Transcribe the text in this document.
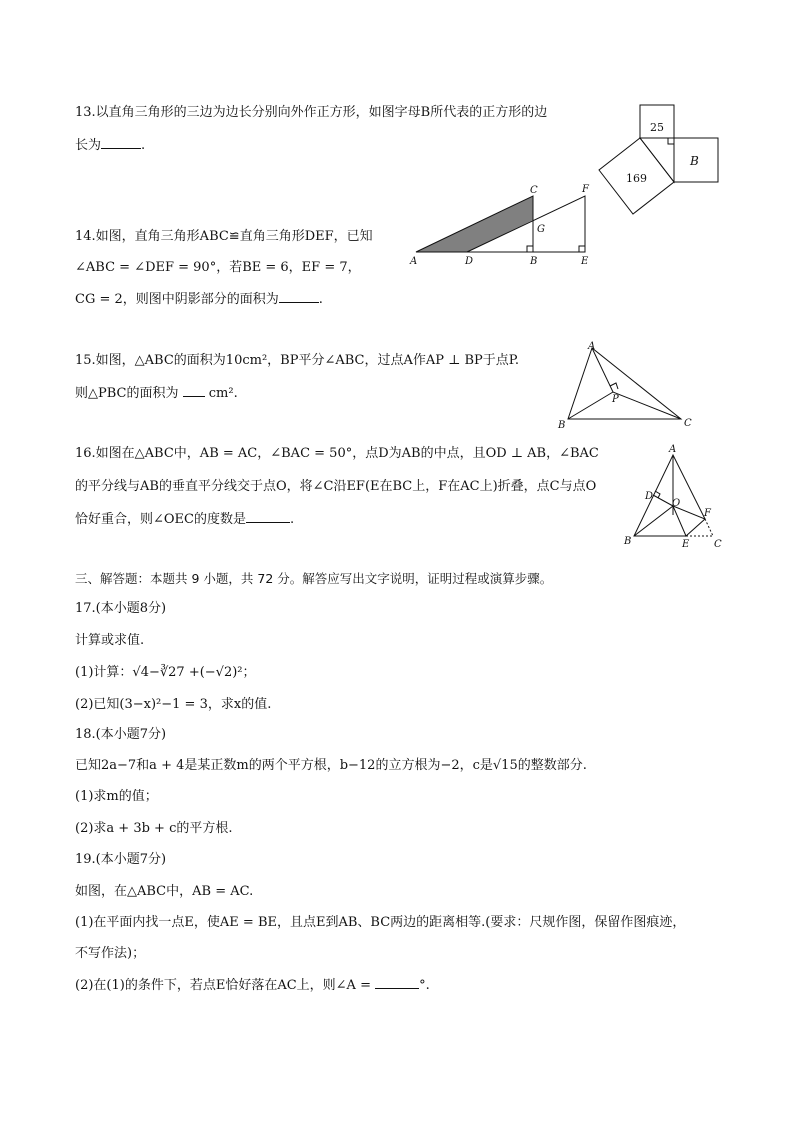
13.以直角三角形的三边为边长分别向外作正方形，如图字母B所代表的正方形的边
长为	.
25
169
B
14.如图，直角三角形ABC≌直角三角形DEF，已知
∠ABC = ∠DEF = 90°，若BE = 6，EF = 7，
CG = 2，则图中阴影部分的面积为	.
A	D	B	E
C	F
G
15.如图，△ABC的面积为10cm²，BP平分∠ABC，过点A作AP ⊥ BP于点P.
则△PBC的面积为 cm².
A
B	C
P
16.如图在△ABC中，AB = AC，∠BAC = 50°，点D为AB的中点，且OD ⊥ AB，∠BAC
的平分线与AB的垂直平分线交于点O，将∠C沿EF(E在BC上，F在AC上)折叠，点C与点O
恰好重合，则∠OEC的度数是	.
A
B	C
D
O
E
F
三、解答题：本题共 9 小题，共 72 分。解答应写出文字说明，证明过程或演算步骤。
17.(本小题8分)
计算或求值.
(1)计算：√4−∛27 +(−√2)²；
(2)已知(3−x)²−1 = 3，求x的值.
18.(本小题7分)
已知2a−7和a + 4是某正数m的两个平方根，b−12的立方根为−2，c是√15的整数部分.
(1)求m的值；
(2)求a + 3b + c的平方根.
19.(本小题7分)
如图，在△ABC中，AB = AC.
(1)在平面内找一点E，使AE = BE，且点E到AB、BC两边的距离相等.(要求：尺规作图，保留作图痕迹，
不写作法)；
(2)在(1)的条件下，若点E恰好落在AC上，则∠A =	°.
